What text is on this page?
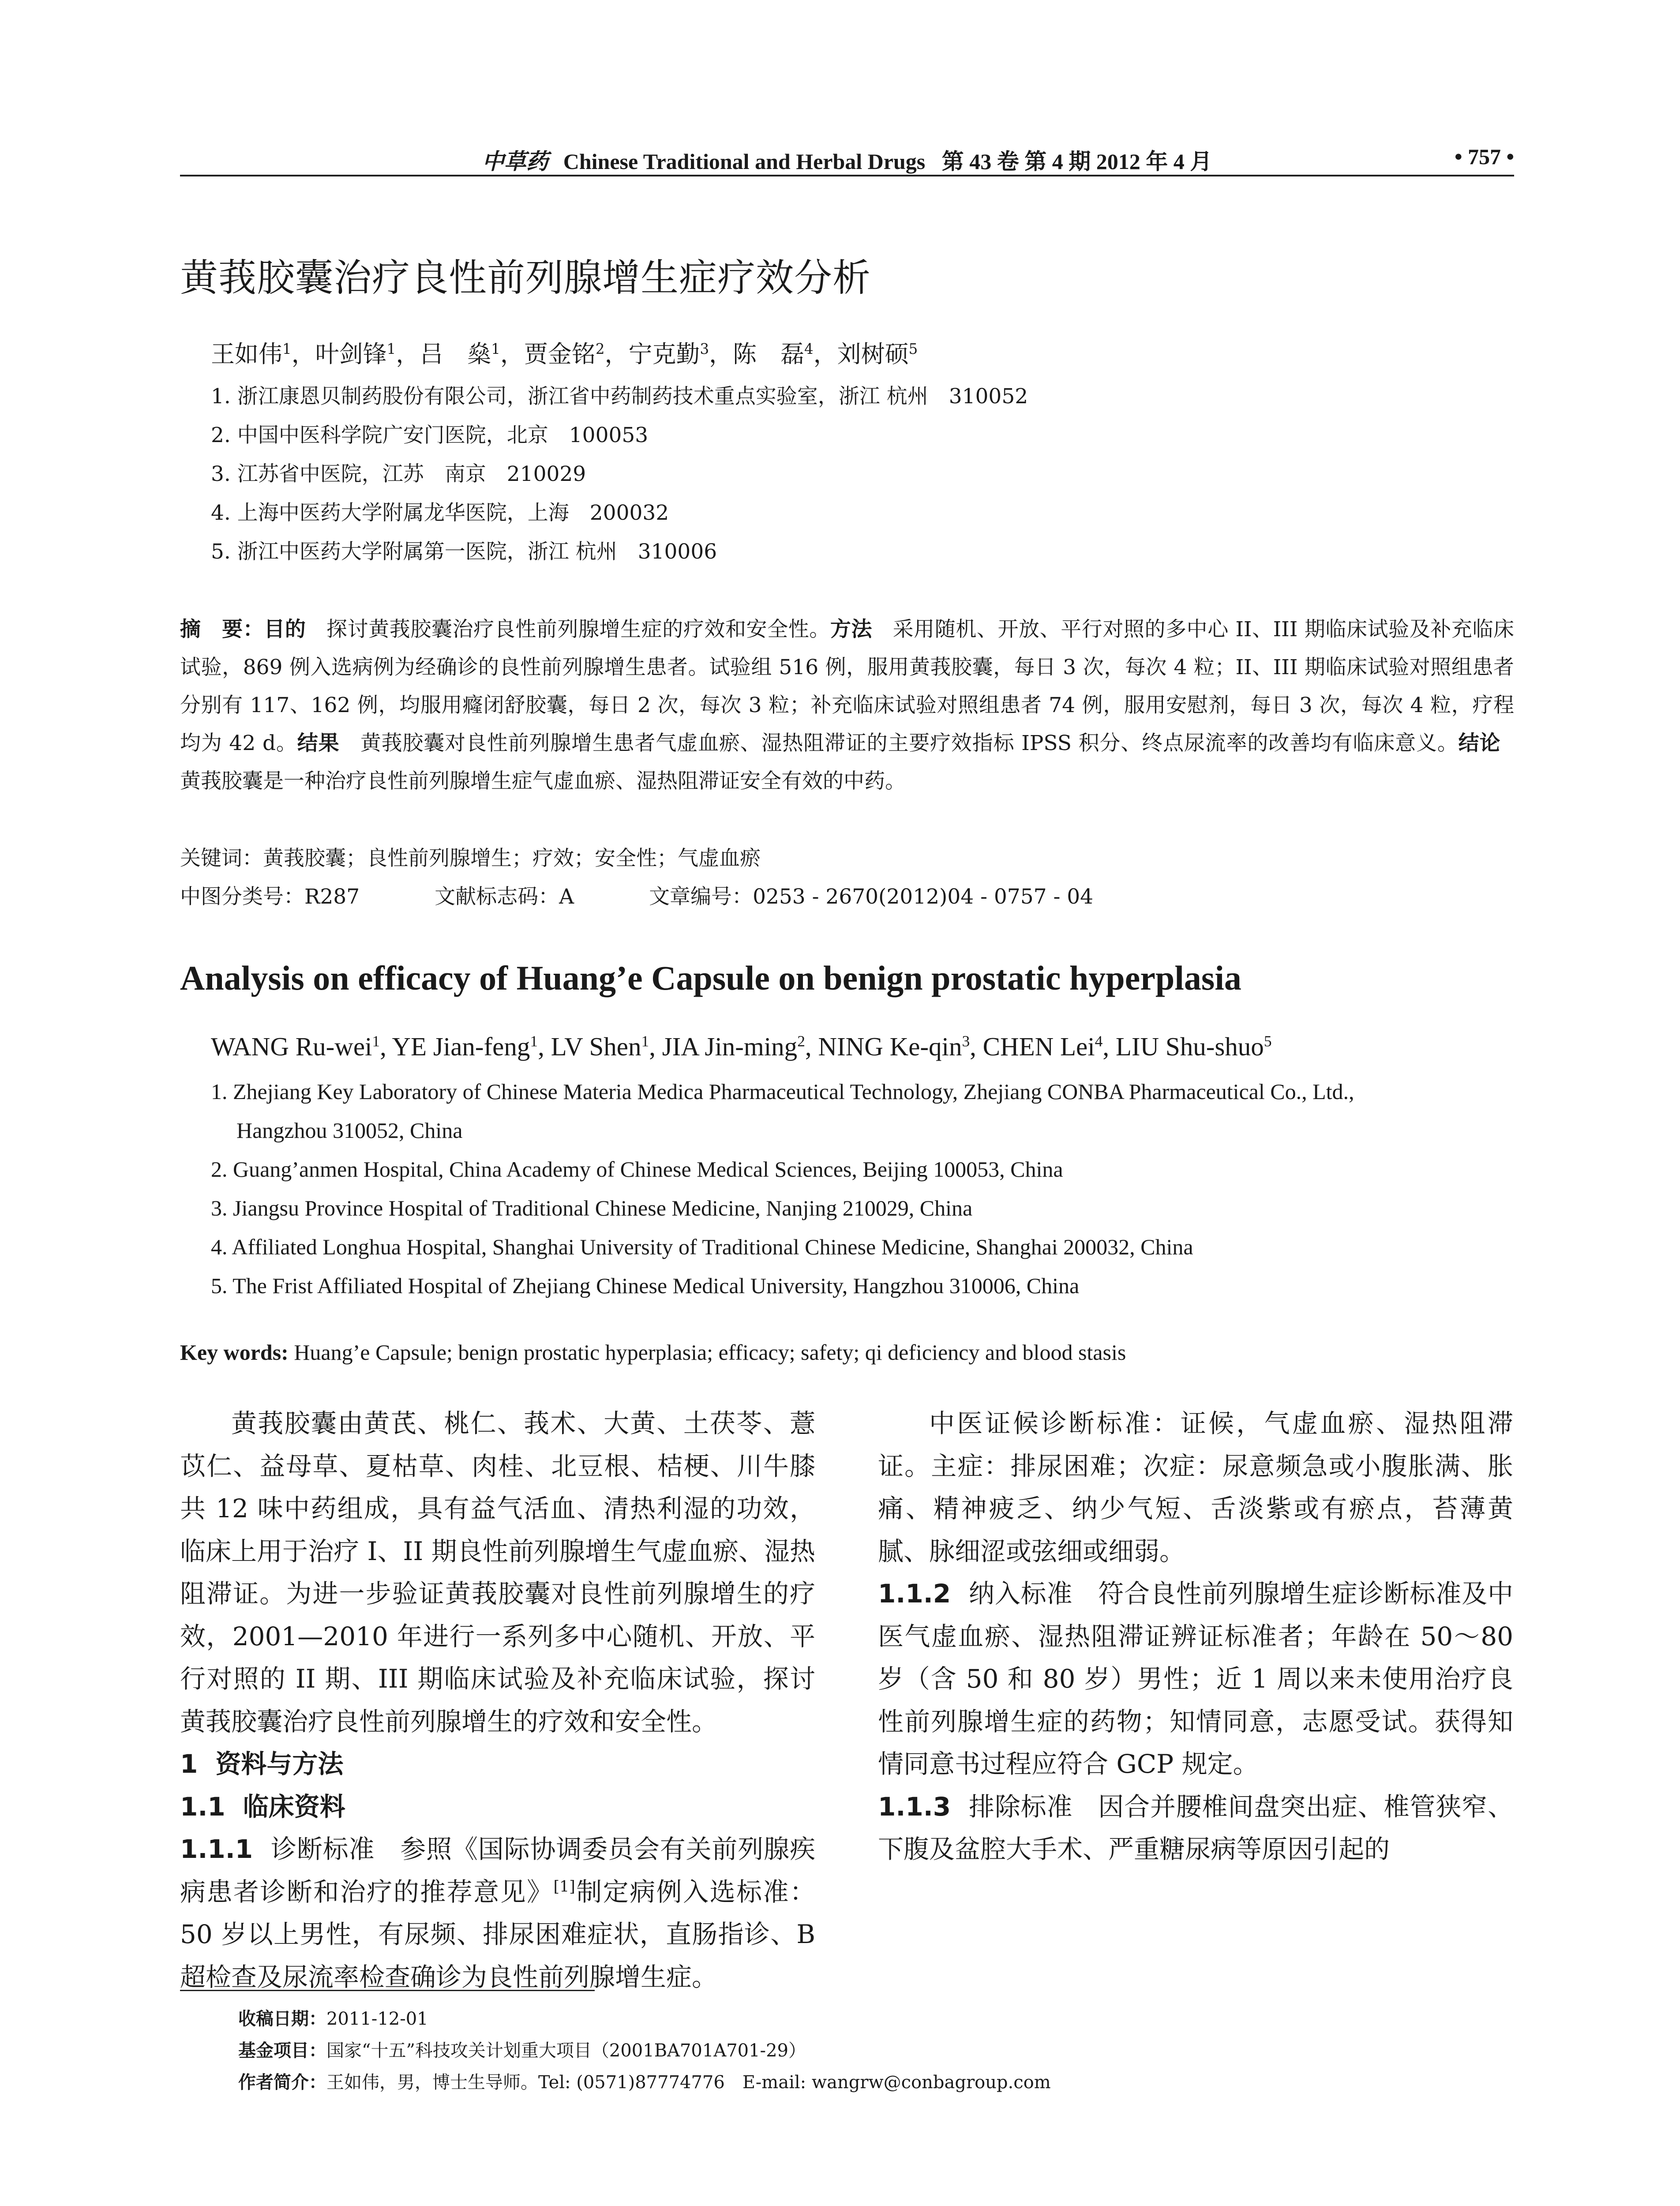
中草药 Chinese Traditional and Herbal Drugs 第 43 卷 第 4 期 2012 年 4 月	• 757 •
黄莪胶囊治疗良性前列腺增生症疗效分析
王如伟$^1$，叶剑锋$^1$，吕　燊$^1$，贾金铭$^2$，宁克勤$^3$，陈　磊$^4$，刘树硕$^5$
1. 浙江康恩贝制药股份有限公司，浙江省中药制药技术重点实验室，浙江 杭州　310052
2. 中国中医科学院广安门医院，北京　100053
3. 江苏省中医院，江苏　南京　210029
4. 上海中医药大学附属龙华医院，上海　200032
5. 浙江中医药大学附属第一医院，浙江 杭州　310006

摘　要：目的 探讨黄莪胶囊治疗良性前列腺增生症的疗效和安全性。方法 采用随机、开放、平行对照的多中心 II、III 期临床试验及补充临床试验，869 例入选病例为经确诊的良性前列腺增生患者。试验组 516 例，服用黄莪胶囊，每日 3 次，每次 4 粒；II、III 期临床试验对照组患者分别有 117、162 例，均服用癃闭舒胶囊，每日 2 次，每次 3 粒；补充临床试验对照组患者 74 例，服用安慰剂，每日 3 次，每次 4 粒，疗程均为 42 d。结果 黄莪胶囊对良性前列腺增生患者气虚血瘀、湿热阻滞证的主要疗效指标 IPSS 积分、终点尿流率的改善均有临床意义。结论   黄莪胶囊是一种治疗良性前列腺增生症气虚血瘀、湿热阻滞证安全有效的中药。

关键词：黄莪胶囊；良性前列腺增生；疗效；安全性；气虚血瘀
中图分类号：R287	文献标志码：A	文章编号：0253 - 2670(2012)04 - 0757 - 04
Analysis on efficacy of Huang’e Capsule on benign prostatic hyperplasia
WANG Ru-wei$^1$, YE Jian-feng$^1$, LV Shen$^1$, JIA Jin-ming$^2$, NING Ke-qin$^3$, CHEN Lei$^4$, LIU Shu-shuo$^5$
1. Zhejiang Key Laboratory of Chinese Materia Medica Pharmaceutical Technology, Zhejiang CONBA Pharmaceutical Co., Ltd.,
Hangzhou 310052, China
2. Guang’anmen Hospital, China Academy of Chinese Medical Sciences, Beijing 100053, China
3. Jiangsu Province Hospital of Traditional Chinese Medicine, Nanjing 210029, China
4. Affiliated Longhua Hospital, Shanghai University of Traditional Chinese Medicine, Shanghai 200032, China
5. The Frist Affiliated Hospital of Zhejiang Chinese Medical University, Hangzhou 310006, China
Key words: Huang’e Capsule; benign prostatic hyperplasia; efficacy; safety; qi deficiency and blood stasis

黄莪胶囊由黄芪、桃仁、莪术、大黄、土茯苓、薏苡仁、益母草、夏枯草、肉桂、北豆根、桔梗、川牛膝共 12 味中药组成，具有益气活血、清热利湿的功效，临床上用于治疗 I、II 期良性前列腺增生气虚血瘀、湿热阻滞证。为进一步验证黄莪胶囊对良性前列腺增生的疗效，2001—2010 年进行一系列多中心随机、开放、平行对照的 II 期、III 期临床试验及补充临床试验，探讨黄莪胶囊治疗良性前列腺增生的疗效和安全性。

1 资料与方法

1.1 临床资料

1.1.1 诊断标准 参照《国际协调委员会有关前列腺疾病患者诊断和治疗的推荐意见》[1]制定病例入选标准：50 岁以上男性，有尿频、排尿困难症状，直肠指诊、B 超检查及尿流率检查确诊为良性前列腺增生症。

中医证候诊断标准：证候，气虚血瘀、湿热阻滞证。主症：排尿困难；次症：尿意频急或小腹胀满、胀痛、精神疲乏、纳少气短、舌淡紫或有瘀点，苔薄黄腻、脉细涩或弦细或细弱。

1.1.2 纳入标准 符合良性前列腺增生症诊断标准及中医气虚血瘀、湿热阻滞证辨证标准者；年龄在 50～80 岁（含 50 和 80 岁）男性；近 1 周以来未使用治疗良性前列腺增生症的药物；知情同意，志愿受试。获得知情同意书过程应符合 GCP 规定。

1.1.3 排除标准 因合并腰椎间盘突出症、椎管狭窄、下腹及盆腔大手术、严重糖尿病等原因引起的

收稿日期：2011-12-01
基金项目：国家“十五”科技攻关计划重大项目（2001BA701A701-29）
作者简介：王如伟，男，博士生导师。Tel: (0571)87774776　E-mail: wangrw@conbagroup.com
